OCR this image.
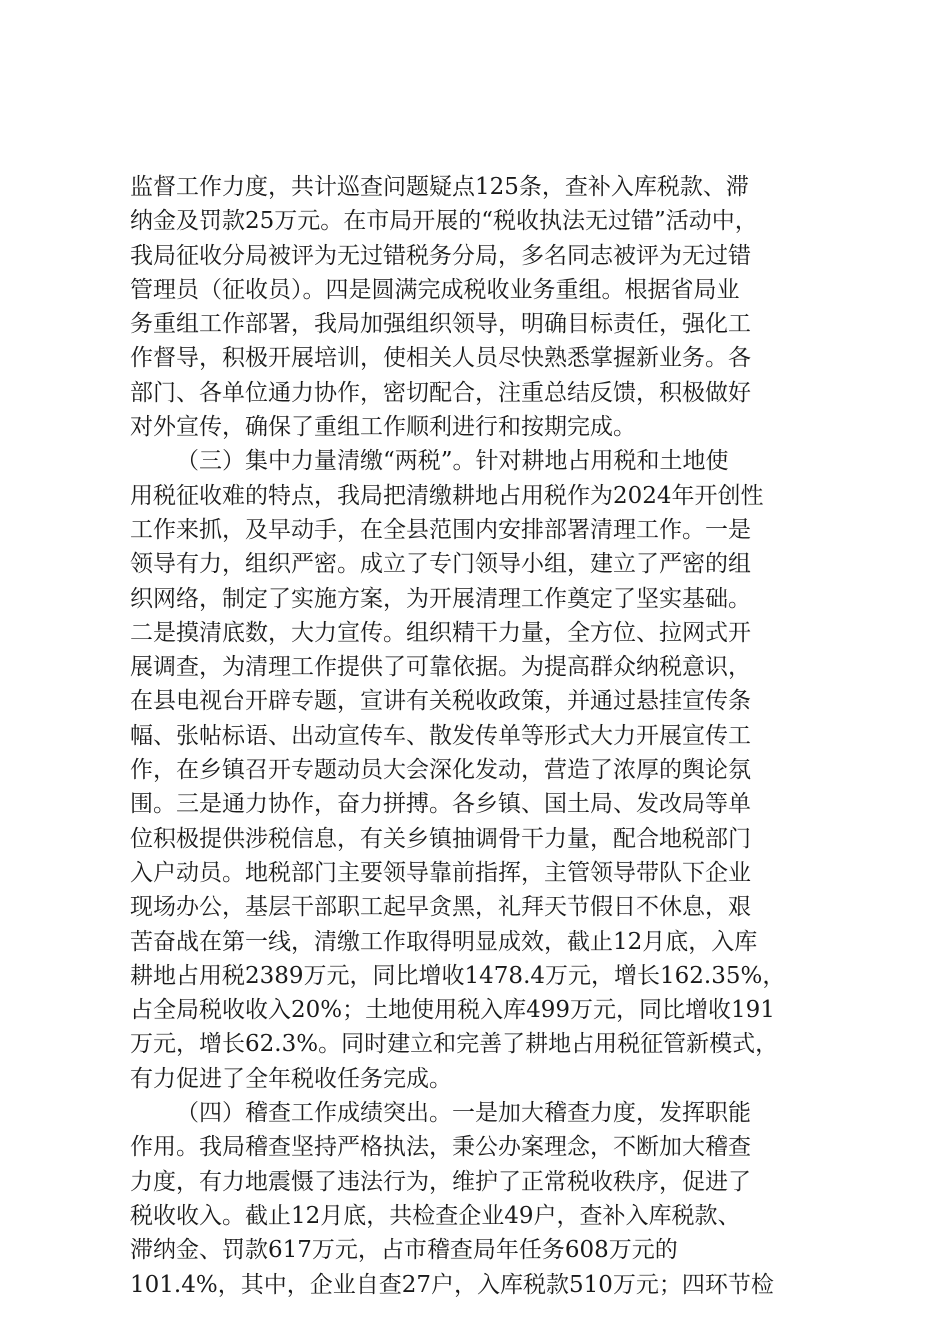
监督工作力度，共计巡查问题疑点125条，查补入库税款、滞
纳金及罚款25万元。在市局开展的“税收执法无过错”活动中，
我局征收分局被评为无过错税务分局，多名同志被评为无过错
管理员（征收员）。四是圆满完成税收业务重组。根据省局业
务重组工作部署，我局加强组织领导，明确目标责任，强化工
作督导，积极开展培训，使相关人员尽快熟悉掌握新业务。各
部门、各单位通力协作，密切配合，注重总结反馈，积极做好
对外宣传，确保了重组工作顺利进行和按期完成。
（三）集中力量清缴“两税”。针对耕地占用税和土地使
用税征收难的特点，我局把清缴耕地占用税作为2024年开创性
工作来抓，及早动手，在全县范围内安排部署清理工作。一是
领导有力，组织严密。成立了专门领导小组，建立了严密的组
织网络，制定了实施方案，为开展清理工作奠定了坚实基础。
二是摸清底数，大力宣传。组织精干力量，全方位、拉网式开
展调查，为清理工作提供了可靠依据。为提高群众纳税意识，
在县电视台开辟专题，宣讲有关税收政策，并通过悬挂宣传条
幅、张帖标语、出动宣传车、散发传单等形式大力开展宣传工
作，在乡镇召开专题动员大会深化发动，营造了浓厚的舆论氛
围。三是通力协作，奋力拼搏。各乡镇、国土局、发改局等单
位积极提供涉税信息，有关乡镇抽调骨干力量，配合地税部门
入户动员。地税部门主要领导靠前指挥，主管领导带队下企业
现场办公，基层干部职工起早贪黑，礼拜天节假日不休息，艰
苦奋战在第一线，清缴工作取得明显成效，截止12月底，入库
耕地占用税2389万元，同比增收1478.4万元，增长162.35%，
占全局税收收入20%；土地使用税入库499万元，同比增收191
万元，增长62.3%。同时建立和完善了耕地占用税征管新模式，
有力促进了全年税收任务完成。
（四）稽查工作成绩突出。一是加大稽查力度，发挥职能
作用。我局稽查坚持严格执法，秉公办案理念，不断加大稽查
力度，有力地震慑了违法行为，维护了正常税收秩序，促进了
税收收入。截止12月底，共检查企业49户，查补入库税款、
滞纳金、罚款617万元，占市稽查局年任务608万元的
101.4%，其中，企业自查27户，入库税款510万元；四环节检
